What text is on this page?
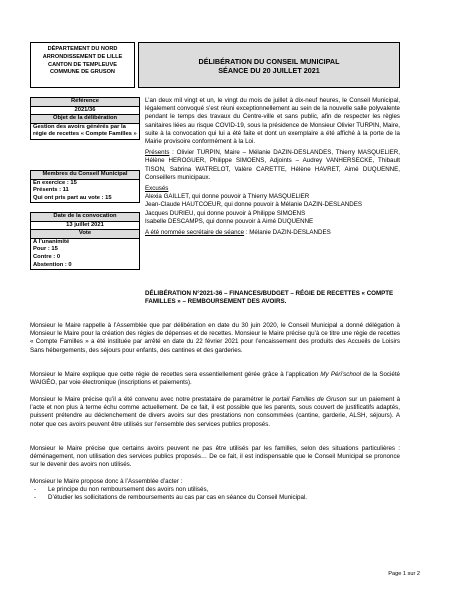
DÉPARTEMENT DU NORD
ARRONDISSEMENT DE LILLE
CANTON DE TEMPLEUVE
COMMUNE DE GRUSON
DÉLIBÉRATION DU CONSEIL MUNICIPAL
SÉANCE DU 20 JUILLET 2021
Référence
2021/36
Objet de la délibération
Gestion des avoirs générés par la régie de recettes « Compte Familles »
Membres du Conseil Municipal
En exercice : 15
Présents : 11
Qui ont pris part au vote : 15
Date de la convocation
13 juillet 2021
Vote
A l’unanimité
Pour : 15
Contre : 0
Abstention : 0

L’an deux mil vingt et un, le vingt du mois de juillet à dix-neuf heures, le Conseil Municipal, légalement convoqué s’est réuni exceptionnellement au sein de la nouvelle salle polyvalente pendant le temps des travaux du Centre-ville et sans public, afin de respecter les règles sanitaires liées au risque COVID-19, sous la présidence de Monsieur Olivier TURPIN, Maire, suite à la convocation qui lui a été faite et dont un exemplaire a été affiché à la porte de la Mairie provisoire conformément à la Loi.

Présents : Olivier TURPIN, Maire – Mélanie DAZIN-DESLANDES, Thierry MASQUELIER, Hélène HEROGUER, Philippe SIMOENS, Adjoints – Audrey VANHERSECKE, Thibault TISON, Sabrina WATRELOT, Valère CARETTE, Hélène HAVRET, Aimé DUQUENNE, Conseillers municipaux.

Excusés
Alexia GAILLET, qui donne pouvoir à Thierry MASQUELIER
Jean-Claude HAUTCOEUR, qui donne pouvoir à Mélanie DAZIN-DESLANDES
Jacques DURIEU, qui donne pouvoir à Philippe SIMOENS
Isabelle DESCAMPS, qui donne pouvoir à Aimé DUQUENNE

A été nommée secrétaire de séance : Mélanie DAZIN-DESLANDES

DÉLIBÉRATION N°2021-36 – FINANCES/BUDGET – RÉGIE DE RECETTES « COMPTE FAMILLES » – REMBOURSEMENT DES AVOIRS.
Monsieur le Maire rappelle à l’Assemblée que par délibération en date du 30 juin 2020, le Conseil Municipal a donné délégation à Monsieur le Maire pour la création des régies de dépenses et de recettes. Monsieur le Maire précise qu’à ce titre une régie de recettes « Compte Familles » a été instituée par arrêté en date du 22 février 2021 pour l’encaissement des produits des Accueils de Loisirs Sans hébergements, des séjours pour enfants, des cantines et des garderies.
Monsieur le Maire explique que cette régie de recettes sera essentiellement gérée grâce à l’application My Péri’school de la Société WAIGÉO, par voie électronique (inscriptions et paiements).
Monsieur le Maire précise qu’il a été convenu avec notre prestataire de paramétrer le portail Familles de Gruson sur un paiement à l’acte et non plus à terme échu comme actuellement. De ce fait, il est possible que les parents, sous couvert de justificatifs adaptés, puissent prétendre au déclenchement de divers avoirs sur des prestations non consommées (cantine, garderie, ALSH, séjours). A noter que ces avoirs peuvent être utilisés sur l’ensemble des services publics proposés.
Monsieur le Maire précise que certains avoirs peuvent ne pas être utilisés par les familles, selon des situations particulières : déménagement, non utilisation des services publics proposés… De ce fait, il est indispensable que le Conseil Municipal se prononce sur le devenir des avoirs non utilisés.

Monsieur le Maire propose donc à l’Assemblée d’acter :

-	Le principe du non remboursement des avoirs non utilisés,
-	D’étudier les sollicitations de remboursements au cas par cas en séance du Conseil Municipal.
Page 1 sur 2
